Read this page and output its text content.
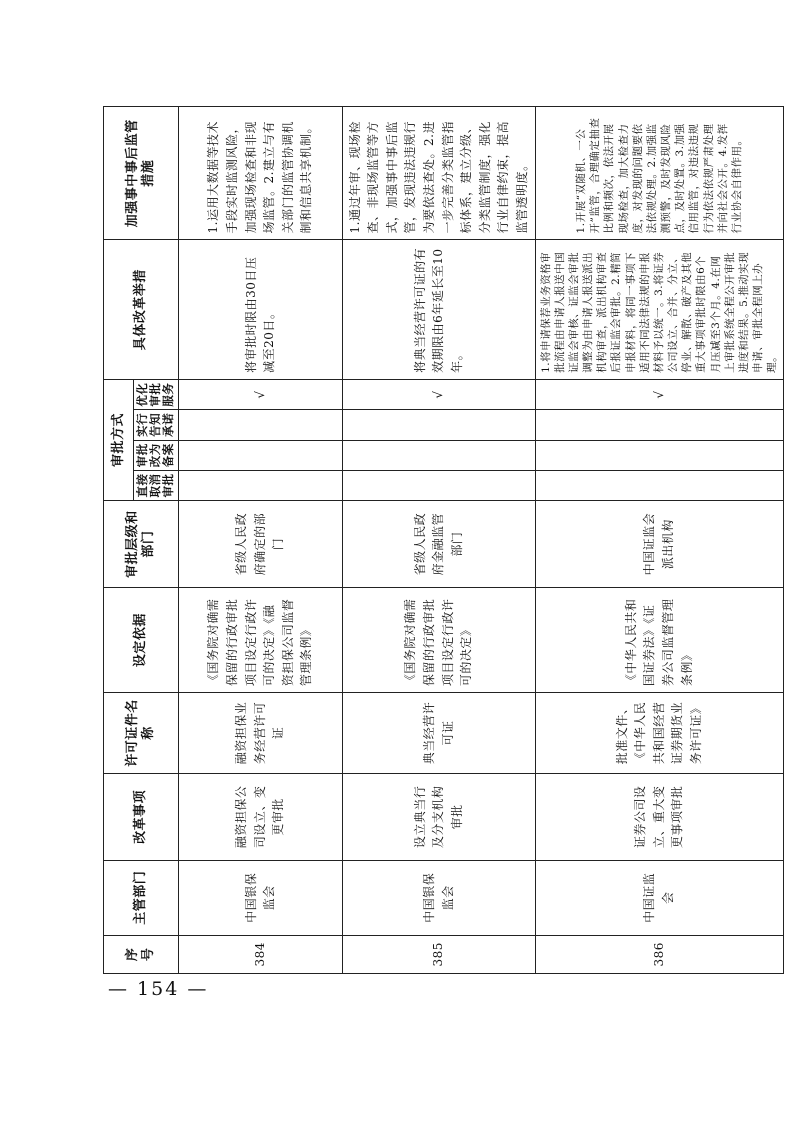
序号	主管部门	改革事项	许可证件名称	设定依据	审批层级和部门	审批方式				具体改革举措	加强事中事后监管措施
						直接取消审批	审批改为备案	实行告知承诺	优化审批服务		
384	中国银保监会	融资担保公司设立、变更审批	融资担保业务经营许可证	《国务院对确需保留的行政审批项目设定行政许可的决定》《融资担保公司监督管理条例》	省级人民政府确定的部门				√	将审批时限由30日压减至20日。	1.运用大数据等技术手段实时监测风险，加强现场检查和非现场监管。2.建立与有关部门的监管协调机制和信息共享机制。
385	中国银保监会	设立典当行及分支机构审批	典当经营许可证	《国务院对确需保留的行政审批项目设定行政许可的决定》	省级人民政府金融监管部门				√	将典当经营许可证的有效期限由6年延长至10年。	1.通过年审、现场检查、非现场监管等方式，加强事中事后监管，发现违法违规行为要依法查处。2.进一步完善分类监管指标体系，建立分级、分类监管制度，强化行业自律约束，提高监管透明度。
386	中国证监会	证券公司设立、重大变更事项审批	批准文件、《中华人民共和国经营证券期货业务许可证》	《中华人民共和国证券法》《证券公司监督管理条例》	中国证监会派出机构				√	1.将申请保荐业务资格审批流程由申请人报送中国证监会审核、证监会审批调整为由申请人报送派出机构审查，派出机构审查后报证监会审批。2.精简申报材料，将同一事项下适用不同法律法规的申报材料予以统一。3.将证券公司设立、合并、分立、停业、解散、破产及其他重大事项审批时限由6个月压减至3个月。4.在网上审批系统全程公开审批进度和结果。5.推动实现申请、审批全程网上办理。	1.开展“双随机、一公开”监管，合理确定抽查比例和频次，依法开展现场检查，加大检查力度，对发现的问题要依法依规处理。2.加强监测预警，及时发现风险点，及时处置。3.加强信用监管，对违法违规行为依法依规严肃处理并向社会公开。4.发挥行业协会自律作用。
— 154 —
